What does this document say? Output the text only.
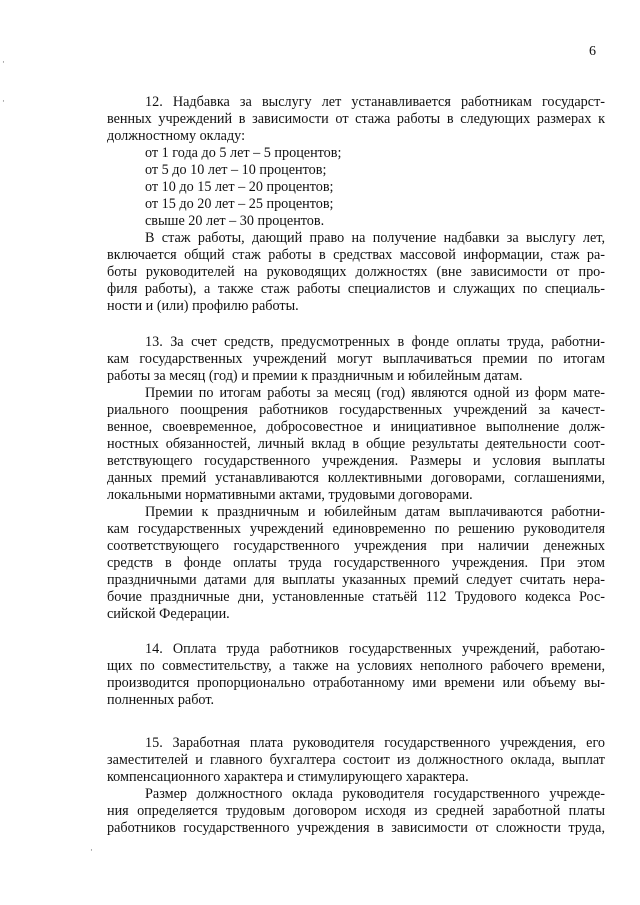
6
12. Надбавка за выслугу лет устанавливается работникам государст-
венных учреждений в зависимости от стажа работы в следующих размерах к
должностному окладу:
от 1 года до 5 лет – 5 процентов;
от 5 до 10 лет – 10 процентов;
от 10 до 15 лет – 20 процентов;
от 15 до 20 лет – 25 процентов;
свыше 20 лет – 30 процентов.
В стаж работы, дающий право на получение надбавки за выслугу лет,
включается общий стаж работы в средствах массовой информации, стаж ра-
боты руководителей на руководящих должностях (вне зависимости от про-
филя работы), а также стаж работы специалистов и служащих по специаль-
ности и (или) профилю работы.
13. За счет средств, предусмотренных в фонде оплаты труда, работни-
кам государственных учреждений могут выплачиваться премии по итогам
работы за месяц (год) и премии к праздничным и юбилейным датам.
Премии по итогам работы за месяц (год) являются одной из форм мате-
риального поощрения работников государственных учреждений за качест-
венное, своевременное, добросовестное и инициативное выполнение долж-
ностных обязанностей, личный вклад в общие результаты деятельности соот-
ветствующего государственного учреждения. Размеры и условия выплаты
данных премий устанавливаются коллективными договорами, соглашениями,
локальными нормативными актами, трудовыми договорами.
Премии к праздничным и юбилейным датам выплачиваются работни-
кам государственных учреждений единовременно по решению руководителя
соответствующего государственного учреждения при наличии денежных
средств в фонде оплаты труда государственного учреждения. При этом
праздничными датами для выплаты указанных премий следует считать нера-
бочие праздничные дни, установленные статьёй 112 Трудового кодекса Рос-
сийской Федерации.
14. Оплата труда работников государственных учреждений, работаю-
щих по совместительству, а также на условиях неполного рабочего времени,
производится пропорционально отработанному ими времени или объему вы-
полненных работ.
15. Заработная плата руководителя государственного учреждения, его
заместителей и главного бухгалтера состоит из должностного оклада, выплат
компенсационного характера и стимулирующего характера.
Размер должностного оклада руководителя государственного учрежде-
ния определяется трудовым договором исходя из средней заработной платы
работников государственного учреждения в зависимости от сложности труда,
·
·
·
